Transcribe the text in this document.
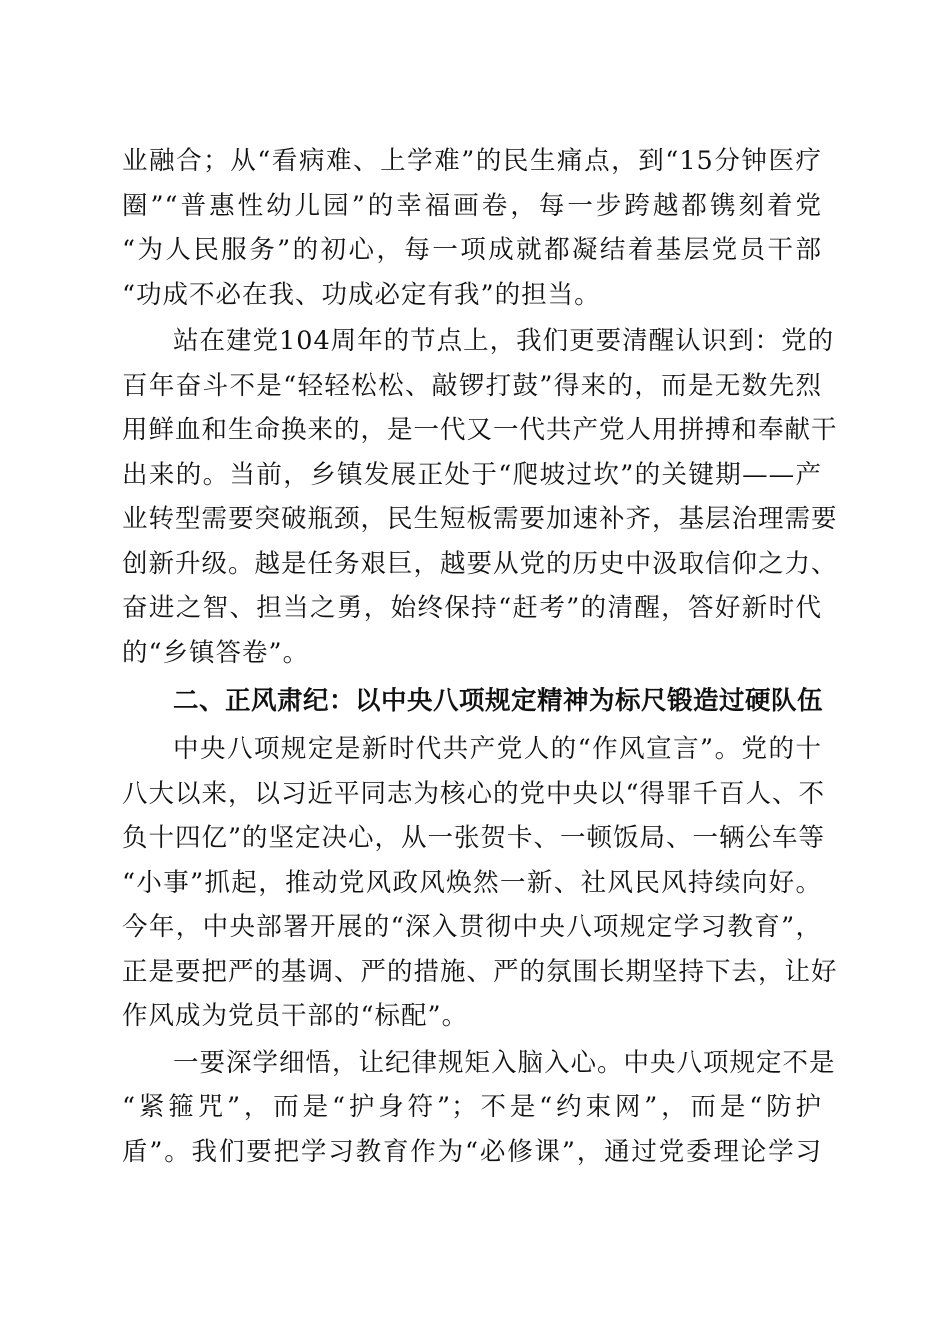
业融合；从“看病难、上学难”的民生痛点，到“15分钟医疗
圈”“普惠性幼儿园”的幸福画卷，每一步跨越都镌刻着党
“为人民服务”的初心，每一项成就都凝结着基层党员干部
“功成不必在我、功成必定有我”的担当。
站在建党104周年的节点上，我们更要清醒认识到：党的
百年奋斗不是“轻轻松松、敲锣打鼓”得来的，而是无数先烈
用鲜血和生命换来的，是一代又一代共产党人用拼搏和奉献干
出来的。当前，乡镇发展正处于“爬坡过坎”的关键期——产
业转型需要突破瓶颈，民生短板需要加速补齐，基层治理需要
创新升级。越是任务艰巨，越要从党的历史中汲取信仰之力、
奋进之智、担当之勇，始终保持“赶考”的清醒，答好新时代
的“乡镇答卷”。
二、正风肃纪：以中央八项规定精神为标尺锻造过硬队伍
中央八项规定是新时代共产党人的“作风宣言”。党的十
八大以来，以习近平同志为核心的党中央以“得罪千百人、不
负十四亿”的坚定决心，从一张贺卡、一顿饭局、一辆公车等
“小事”抓起，推动党风政风焕然一新、社风民风持续向好。
今年，中央部署开展的“深入贯彻中央八项规定学习教育”，
正是要把严的基调、严的措施、严的氛围长期坚持下去，让好
作风成为党员干部的“标配”。
一要深学细悟，让纪律规矩入脑入心。中央八项规定不是
“紧箍咒”，而是“护身符”；不是“约束网”，而是“防护
盾”。我们要把学习教育作为“必修课”，通过党委理论学习
